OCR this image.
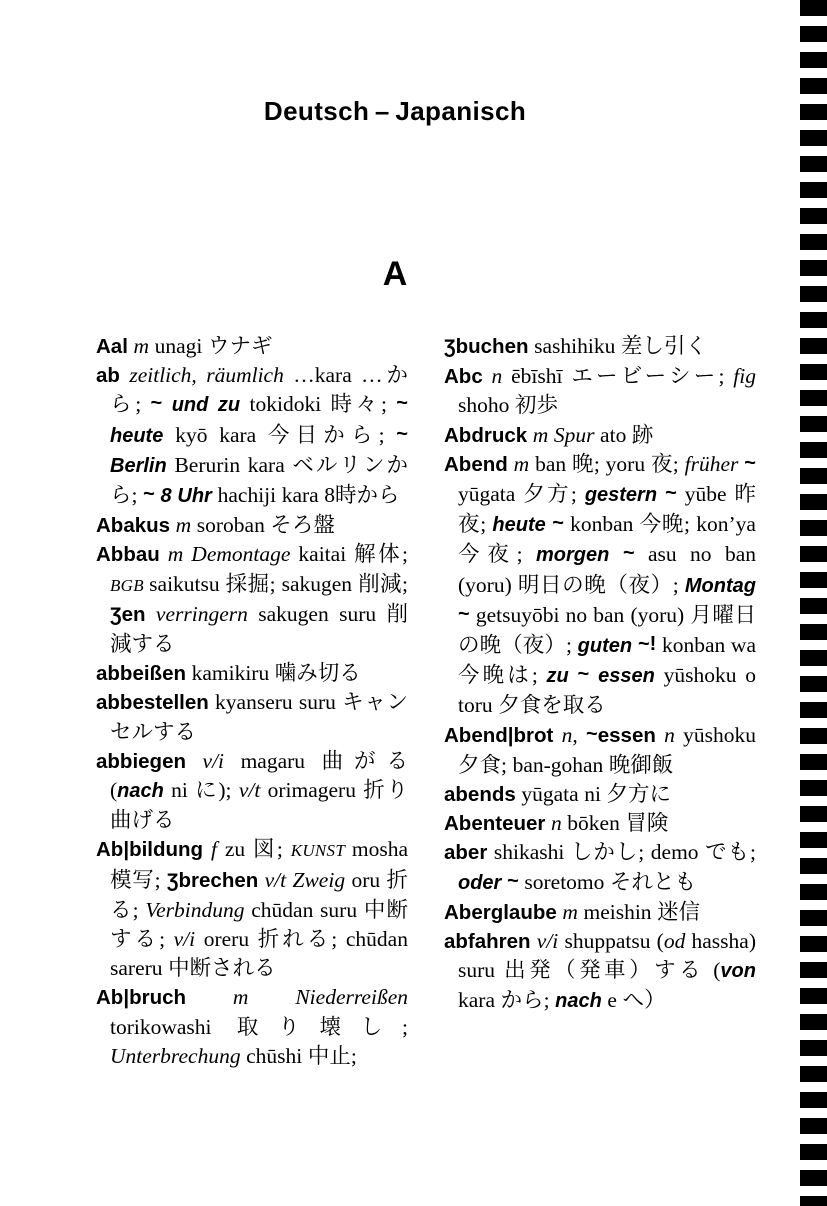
Deutsch – Japanisch
A

Aal m unagi ウナギ

ab zeitlich, räumlich …kara …から; ~ und zu tokidoki 時々; ~ heute kyō kara 今日から; ~ Berlin Berurin kara ベルリンから; ~ 8 Uhr hachiji kara 8時から

Abakus m soroban そろ盤

Abbau m Demontage kaitai 解体; BGB saikutsu 採掘; sakugen 削減; Ʒen verringern sakugen suru 削減する

abbeißen kamikiru 噛み切る

abbestellen kyanseru suru キャンセルする

abbiegen v/i magaru 曲がる (nach ni に); v/t orimageru 折り曲げる

Ab|bildung f zu 図; KUNST mosha 模写; Ʒbrechen v/t Zweig oru 折る; Verbindung chūdan suru 中断する; v/i oreru 折れる; chūdan sareru 中断される

Ab|bruch m Niederreißen torikowashi 取り壊し; Unterbrechung chūshi 中止;

Ʒbuchen sashihiku 差し引く

Abc n ēbīshī エービーシー; fig shoho 初歩

Abdruck m Spur ato 跡

Abend m ban 晚; yoru 夜; früher ~ yūgata 夕方; gestern ~ yūbe 昨夜; heute ~ konban 今晚; kon’ya 今夜; morgen ~ asu no ban (yoru) 明日の晚（夜）; Montag ~ getsuyōbi no ban (yoru) 月曜日の晚（夜）; guten ~! konban wa 今晚は; zu ~ essen yūshoku o toru 夕食を取る

Abend|brot n, ~essen n yūshoku 夕食; ban-gohan 晚御飯

abends yūgata ni 夕方に

Abenteuer n bōken 冒険

aber shikashi しかし; demo でも; oder ~ soretomo それとも

Aberglaube m meishin 迷信

abfahren v/i shuppatsu (od hassha) suru 出発（発車）する (von kara から; nach e へ）
